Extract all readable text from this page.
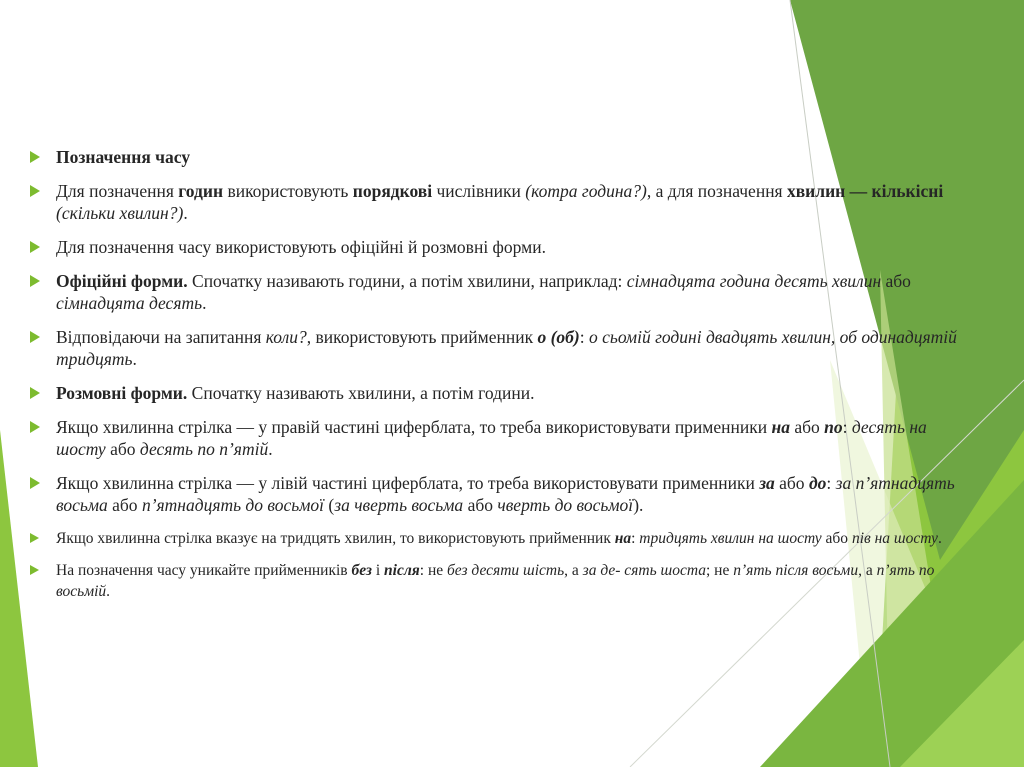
Позначення часу
Для позначення годин використовують порядкові числівники (котра година?), а для позначення хвилин — кількісні (скільки хвилин?).
Для позначення часу використовують офіційні й розмовні форми.
Офіційні форми. Спочатку називають години, а потім хвилини, наприклад: сімнадцята година десять хвилин або сімнадцята десять.
Відповідаючи на запитання коли?, використовують прийменник о (об): о сьомій годині двадцять хвилин, об одинадцятій тридцять.
Розмовні форми. Спочатку називають хвилини, а потім години.
Якщо хвилинна стрілка — у правій частині циферблата, то треба використовувати применники на або по: десять на шосту або десять по п’ятій.
Якщо хвилинна стрілка — у лівій частині циферблата, то треба використовувати применники за або до: за п’ятнадцять восьма або п’ятнадцять до восьмої (за чверть восьма або чверть до восьмої).
Якщо хвилинна стрілка вказує на тридцять хвилин, то використовують прийменник на: тридцять хвилин на шосту або пів на шосту.
На позначення часу уникайте прийменників без і після: не без десяти шість, а за де- сять шоста; не п’ять після восьми, а п’ять по восьмій.
